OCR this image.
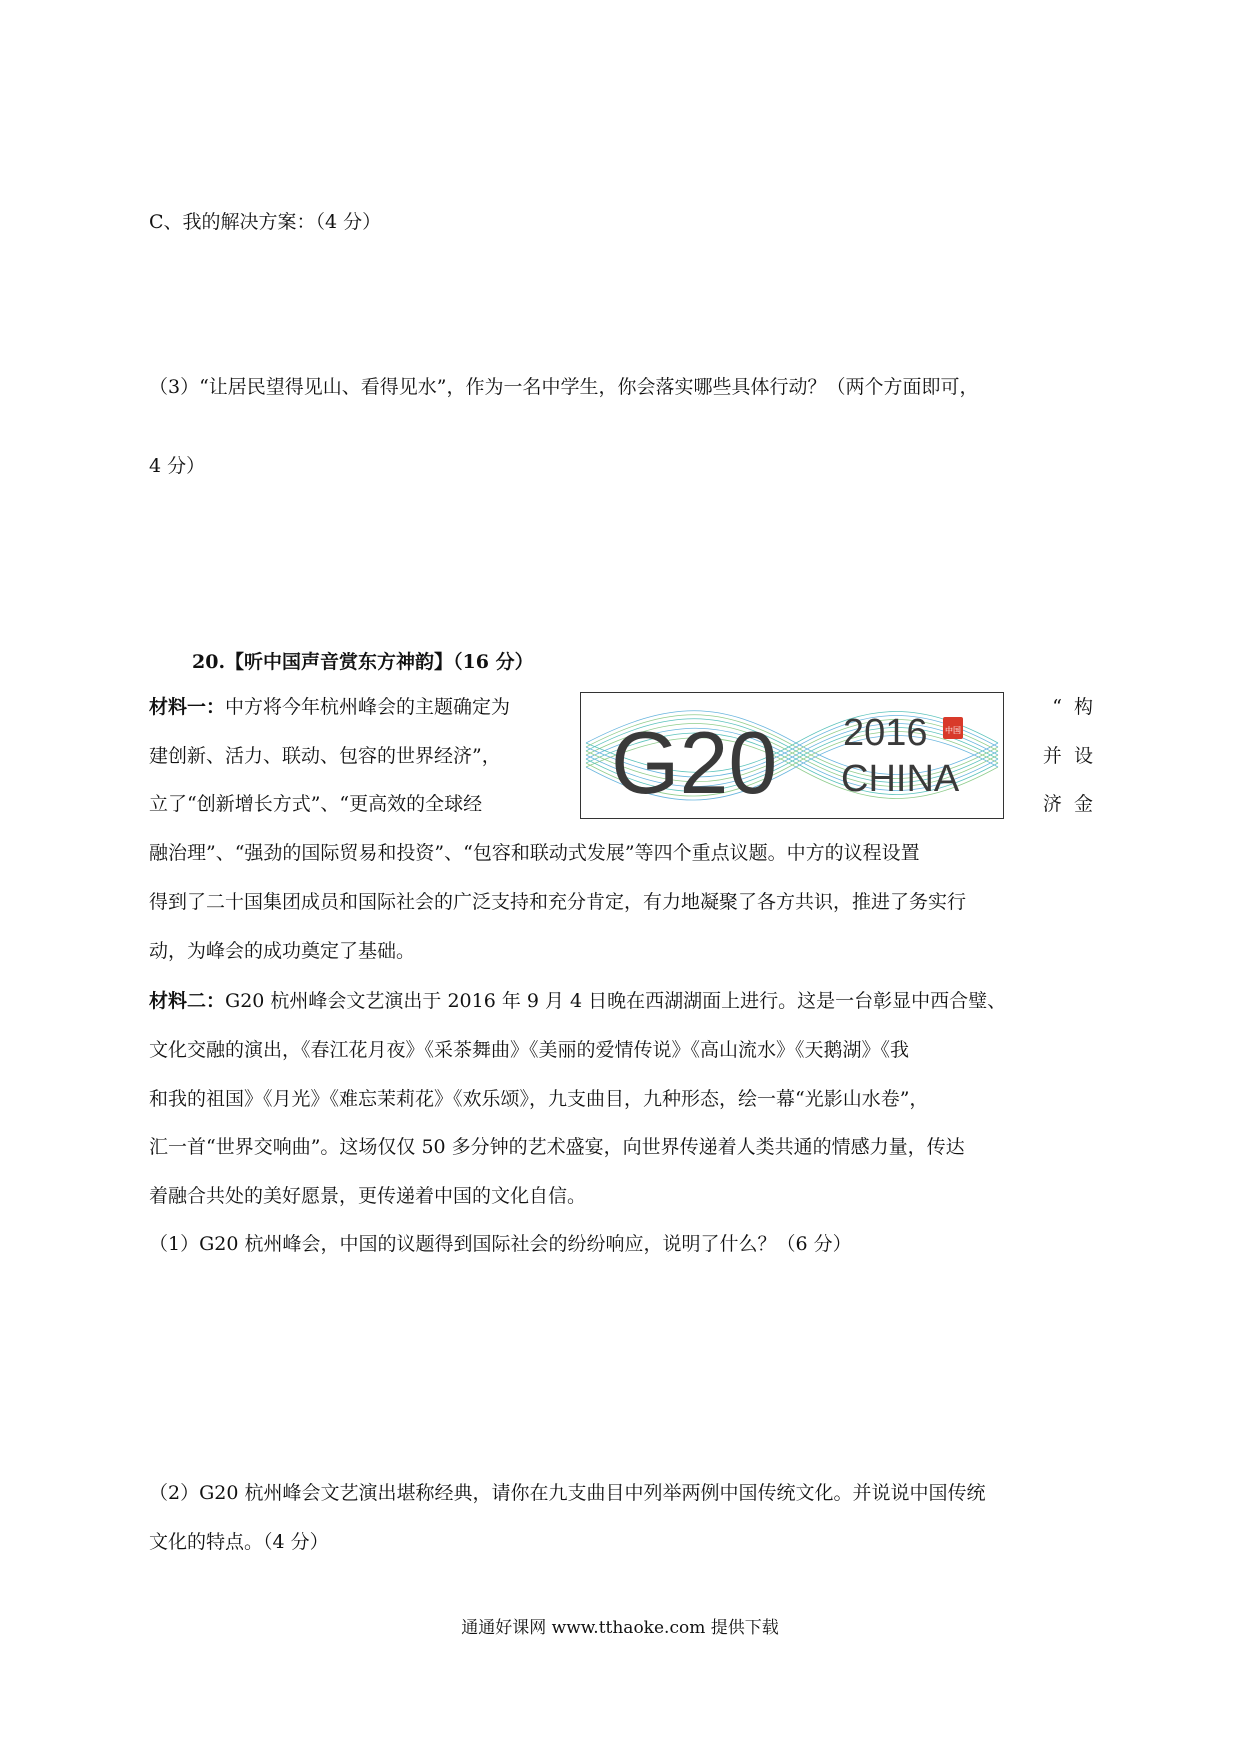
C、我的解决方案：（4 分）
（3）“让居民望得见山、看得见水”，作为一名中学生，你会落实哪些具体行动？（两个方面即可，
4 分）
20.【听中国声音赏东方神韵】（16 分）
材料一：中方将今年杭州峰会的主题确定为	“  构
建创新、活力、联动、包容的世界经济”，	并  设
立了“创新增长方式”、“更高效的全球经	济  金
融治理”、“强劲的国际贸易和投资”、“包容和联动式发展”等四个重点议题。中方的议程设置
得到了二十国集团成员和国际社会的广泛支持和充分肯定，有力地凝聚了各方共识，推进了务实行
动，为峰会的成功奠定了基础。
G20 2016
CHINA
中国
材料二：G20 杭州峰会文艺演出于 2016 年 9 月 4 日晚在西湖湖面上进行。这是一台彰显中西合璧、
文化交融的演出，《春江花月夜》《采茶舞曲》《美丽的爱情传说》《高山流水》《天鹅湖》《我
和我的祖国》《月光》《难忘茉莉花》《欢乐颂》，九支曲目，九种形态，绘一幕“光影山水卷”，
汇一首“世界交响曲”。这场仅仅 50 多分钟的艺术盛宴，向世界传递着人类共通的情感力量，传达
着融合共处的美好愿景，更传递着中国的文化自信。
（1）G20 杭州峰会，中国的议题得到国际社会的纷纷响应，说明了什么？（6 分）
（2）G20 杭州峰会文艺演出堪称经典，请你在九支曲目中列举两例中国传统文化。并说说中国传统
文化的特点。（4 分）
通通好课网 www.tthaoke.com 提供下载
